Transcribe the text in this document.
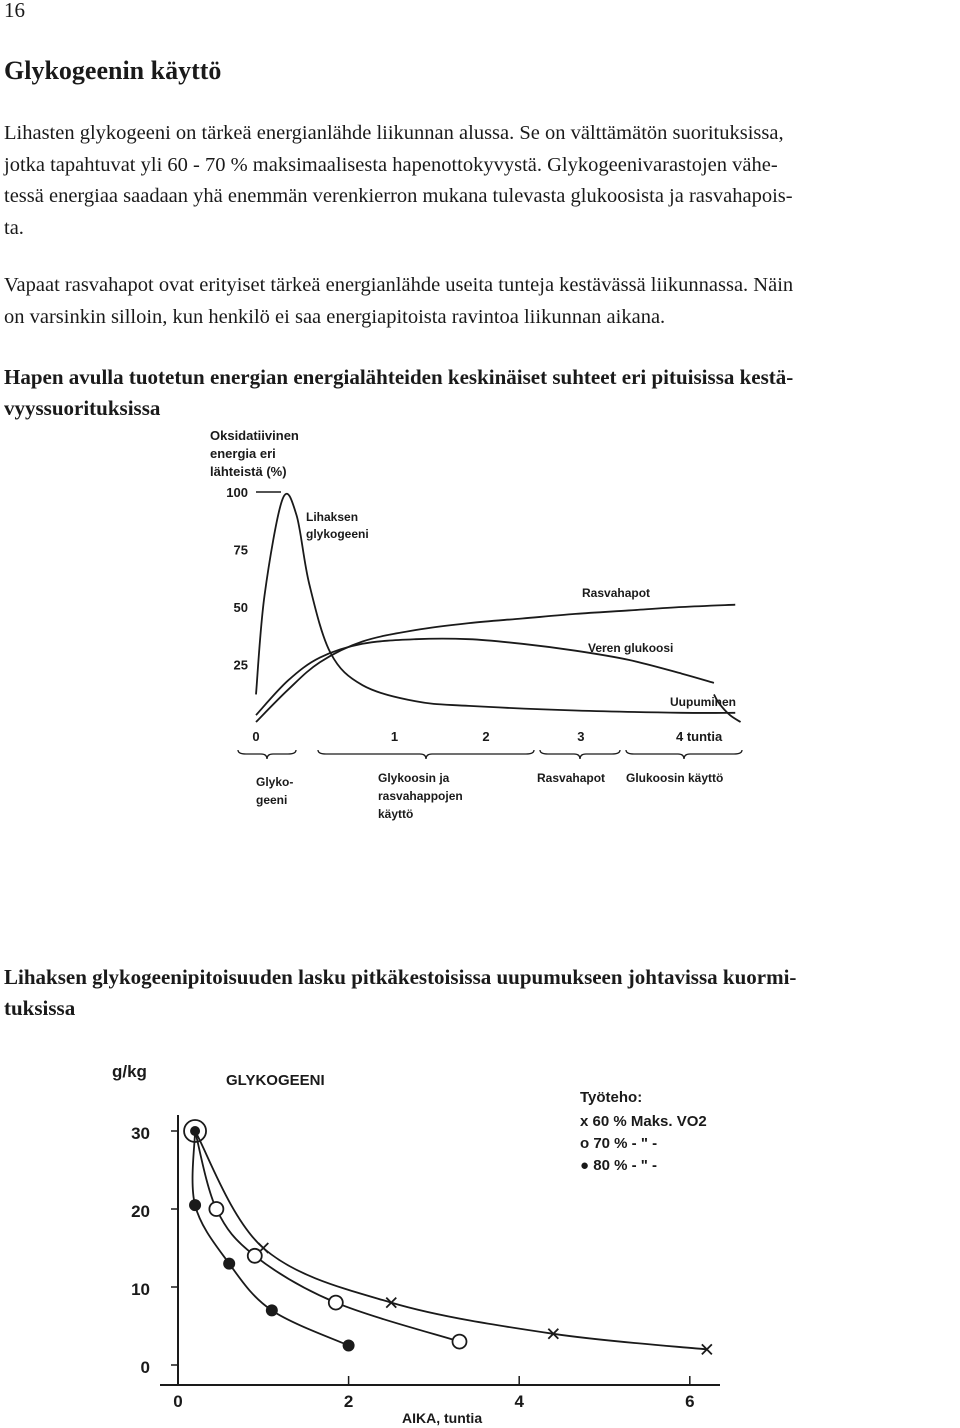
16
Glykogeenin käyttö
Lihasten glykogeeni on tärkeä energianlähde liikunnan alussa. Se on välttämätön suorituksissa,
jotka tapahtuvat yli 60 - 70 % maksimaalisesta hapenottokyvystä. Glykogeenivarastojen vähe-
tessä energiaa saadaan yhä enemmän verenkierron mukana tulevasta glukoosista ja rasvahapois-
ta.
Vapaat rasvahapot ovat erityiset tärkeä energianlähde useita tunteja kestävässä liikunnassa. Näin
on varsinkin silloin, kun henkilö ei saa energiapitoista ravintoa liikunnan aikana.
Hapen avulla tuotetun energian energialähteiden keskinäiset suhteet eri pituisissa kestä-
vyyssuorituksissa
Lihaksen glykogeenipitoisuuden lasku pitkäkestoisissa uupumukseen johtavissa kuormi-
tuksissa
Oksidatiivinen
energia eri
lähteistä (%)
100
75
50
25
Lihaksen
glykogeeni
Rasvahapot
Veren glukoosi
Uupuminen
0	1	2	3	4 tuntia
Glyko-
geeni
Glykoosin ja
rasvahappojen
käyttö
Rasvahapot Glukoosin käyttö
0
10
20
30
0	2	4	6
g/kg
AIKA, tuntia
GLYKOGEENI
Työteho:
x 60 % Maks. VO2
o 70 % - " -
● 80 % - " -
